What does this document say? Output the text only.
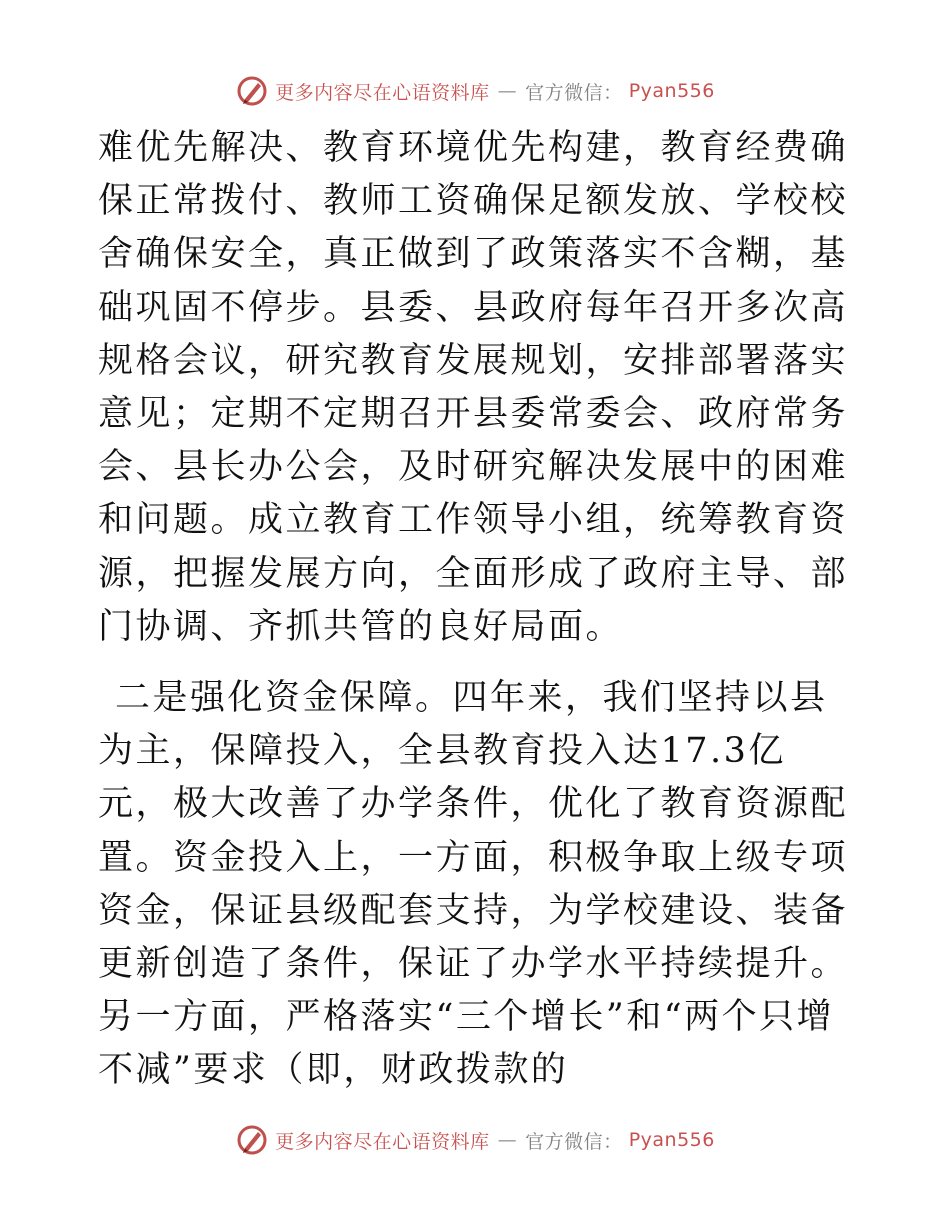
更多内容尽在心语资料库 — 官方微信： Pyan556

难优先解决、教育环境优先构建，教育经费确保正常拨付、教师工资确保足额发放、学校校舍确保安全，真正做到了政策落实不含糊，基础巩固不停步。县委、县政府每年召开多次高规格会议，研究教育发展规划，安排部署落实意见；定期不定期召开县委常委会、政府常务会、县长办公会，及时研究解决发展中的困难和问题。成立教育工作领导小组，统筹教育资源，把握发展方向，全面形成了政府主导、部门协调、齐抓共管的良好局面。

二是强化资金保障。四年来，我们坚持以县为主，保障投入，全县教育投入达17.3亿元，极大改善了办学条件，优化了教育资源配置。资金投入上，一方面，积极争取上级专项资金，保证县级配套支持，为学校建设、装备更新创造了条件，保证了办学水平持续提升。另一方面，严格落实“三个增长”和“两个只增不减”要求（即，财政拨款的

更多内容尽在心语资料库 — 官方微信： Pyan556
